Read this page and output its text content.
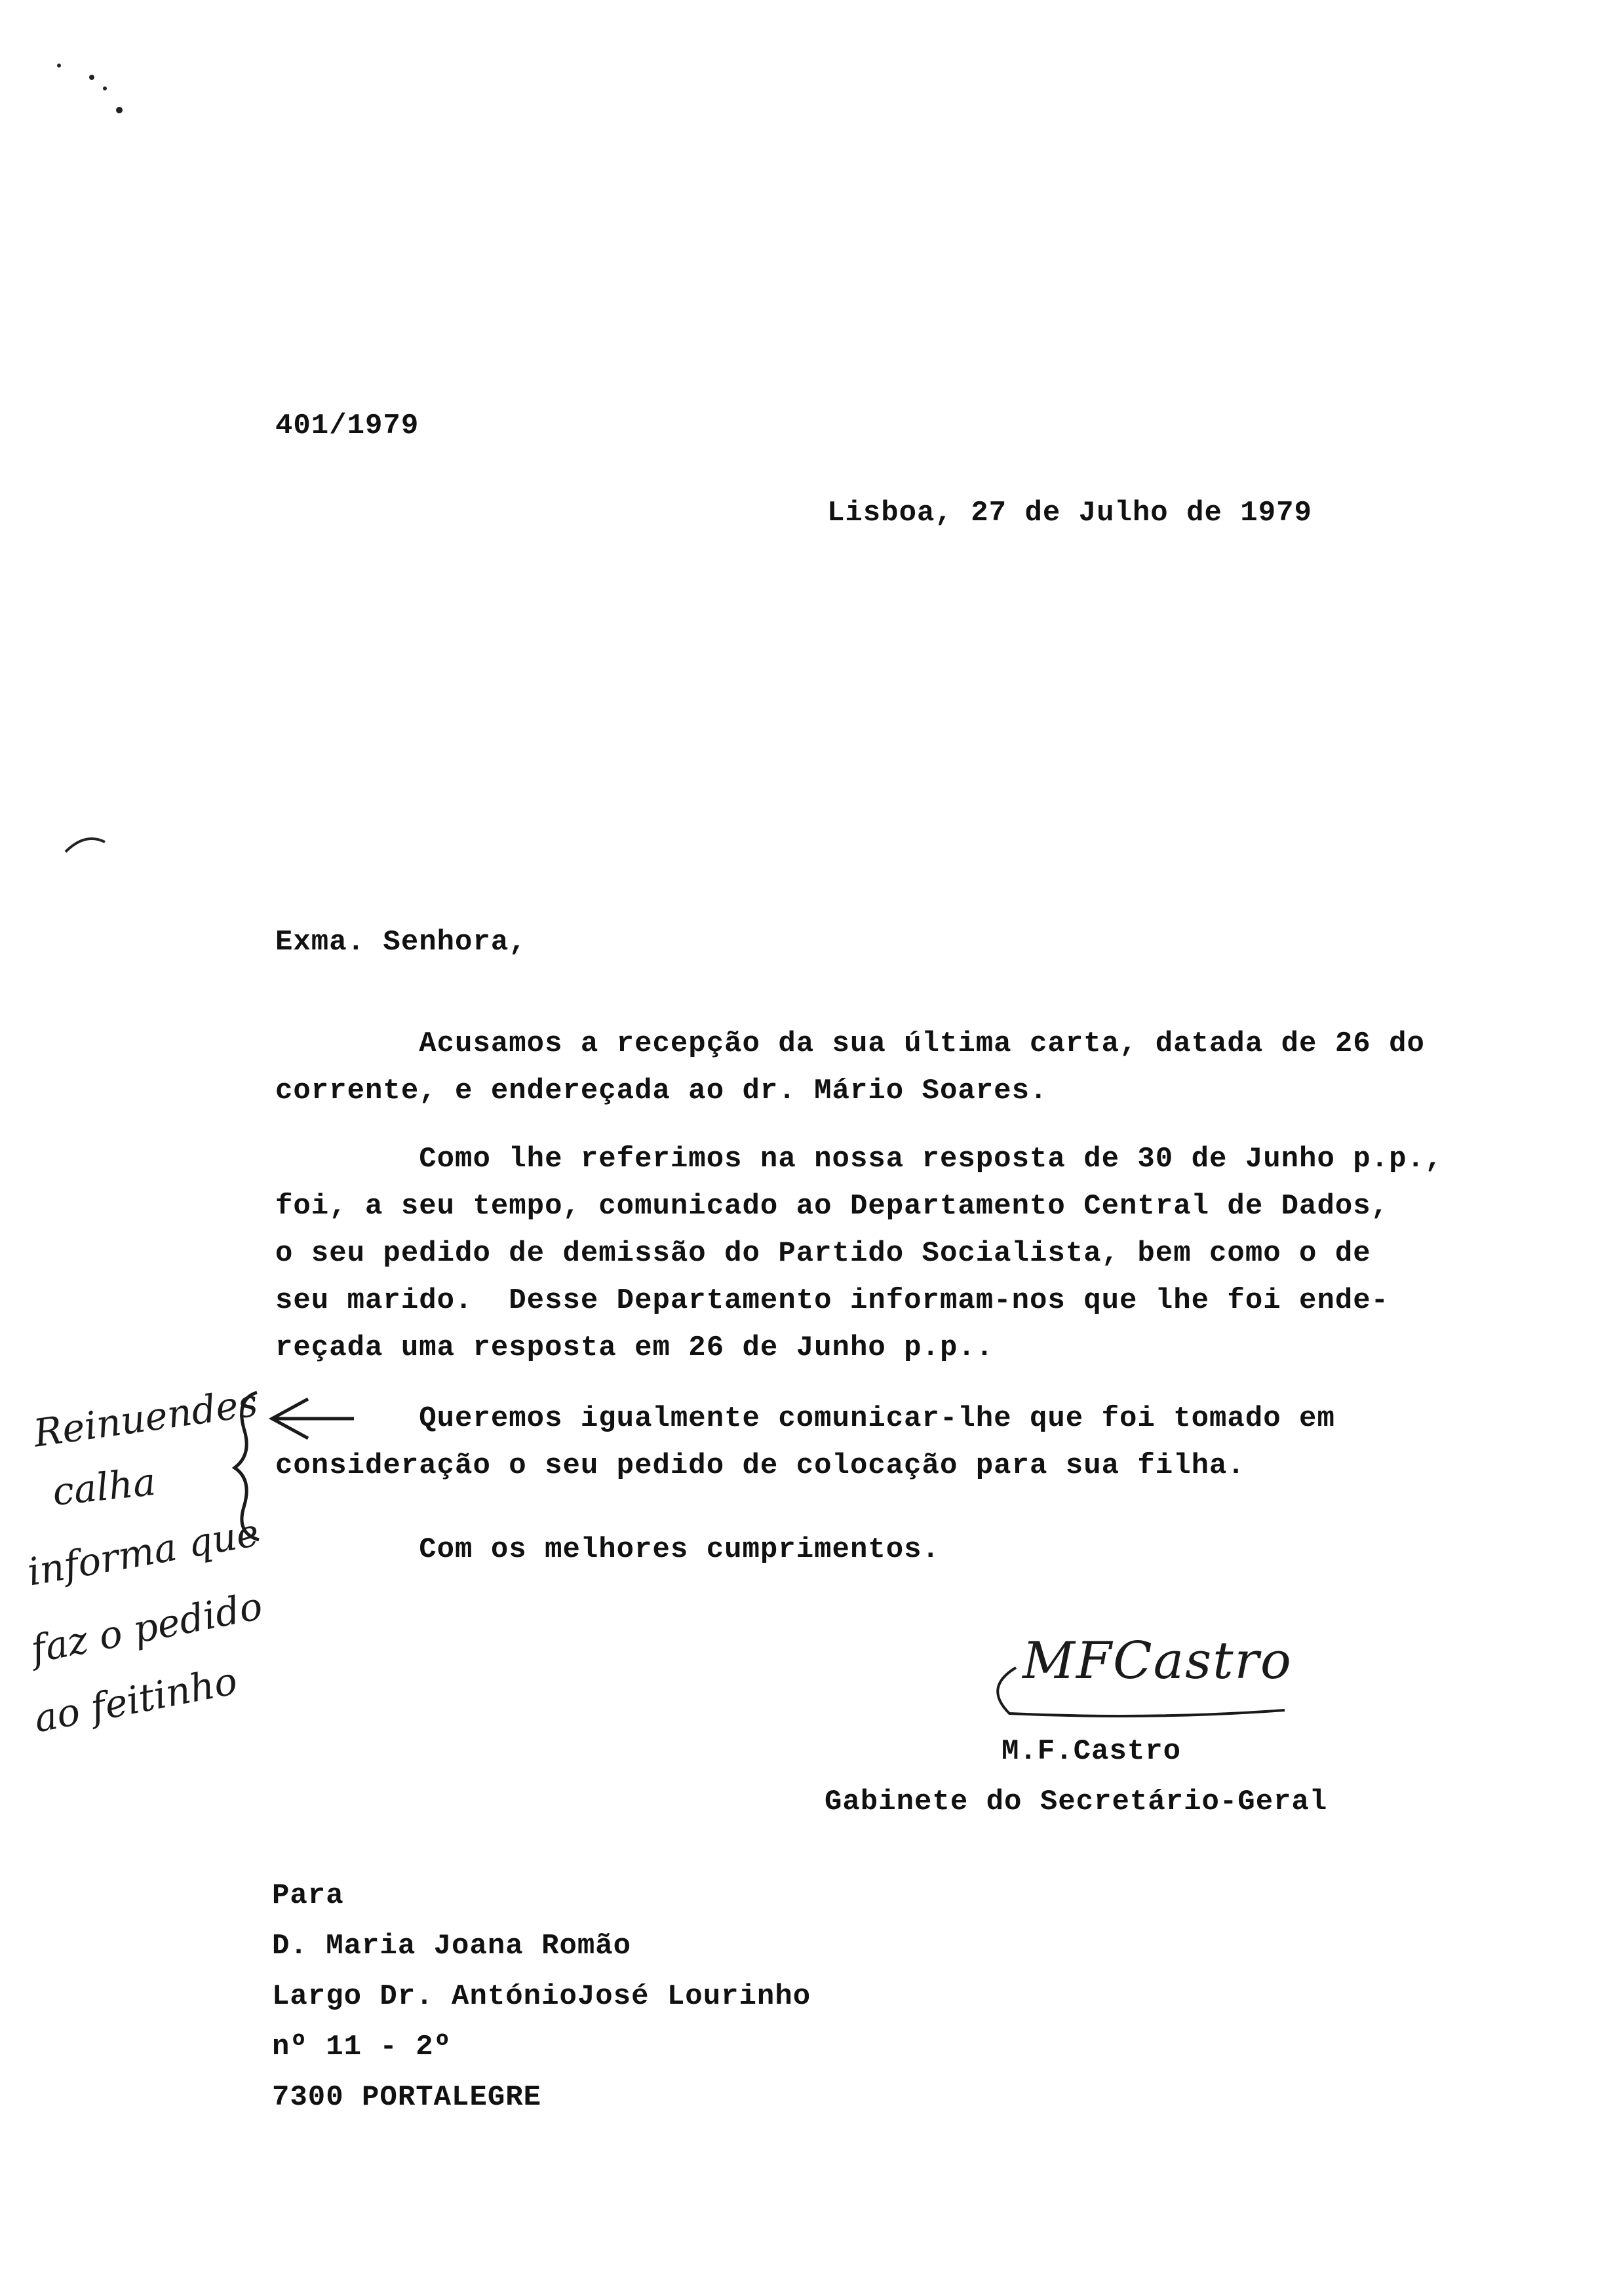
401/1979
Lisboa, 27 de Julho de 1979
Exma. Senhora,
Acusamos a recepção da sua última carta, datada de 26 do
corrente, e endereçada ao dr. Mário Soares.
Como lhe referimos na nossa resposta de 30 de Junho p.p.,
foi, a seu tempo, comunicado ao Departamento Central de Dados,
o seu pedido de demissão do Partido Socialista, bem como o de
seu marido.  Desse Departamento informam-nos que lhe foi ende-
reçada uma resposta em 26 de Junho p.p..
Queremos igualmente comunicar-lhe que foi tomado em
consideração o seu pedido de colocação para sua filha.
Com os melhores cumprimentos.
Reinuendes
calha
informa que
faz o pedido
ao feitinho	MFCastro
M.F.Castro
Gabinete do Secretário-Geral
Para
D. Maria Joana Romão
Largo Dr. AntónioJosé Lourinho
nº 11 - 2º
7300 PORTALEGRE
